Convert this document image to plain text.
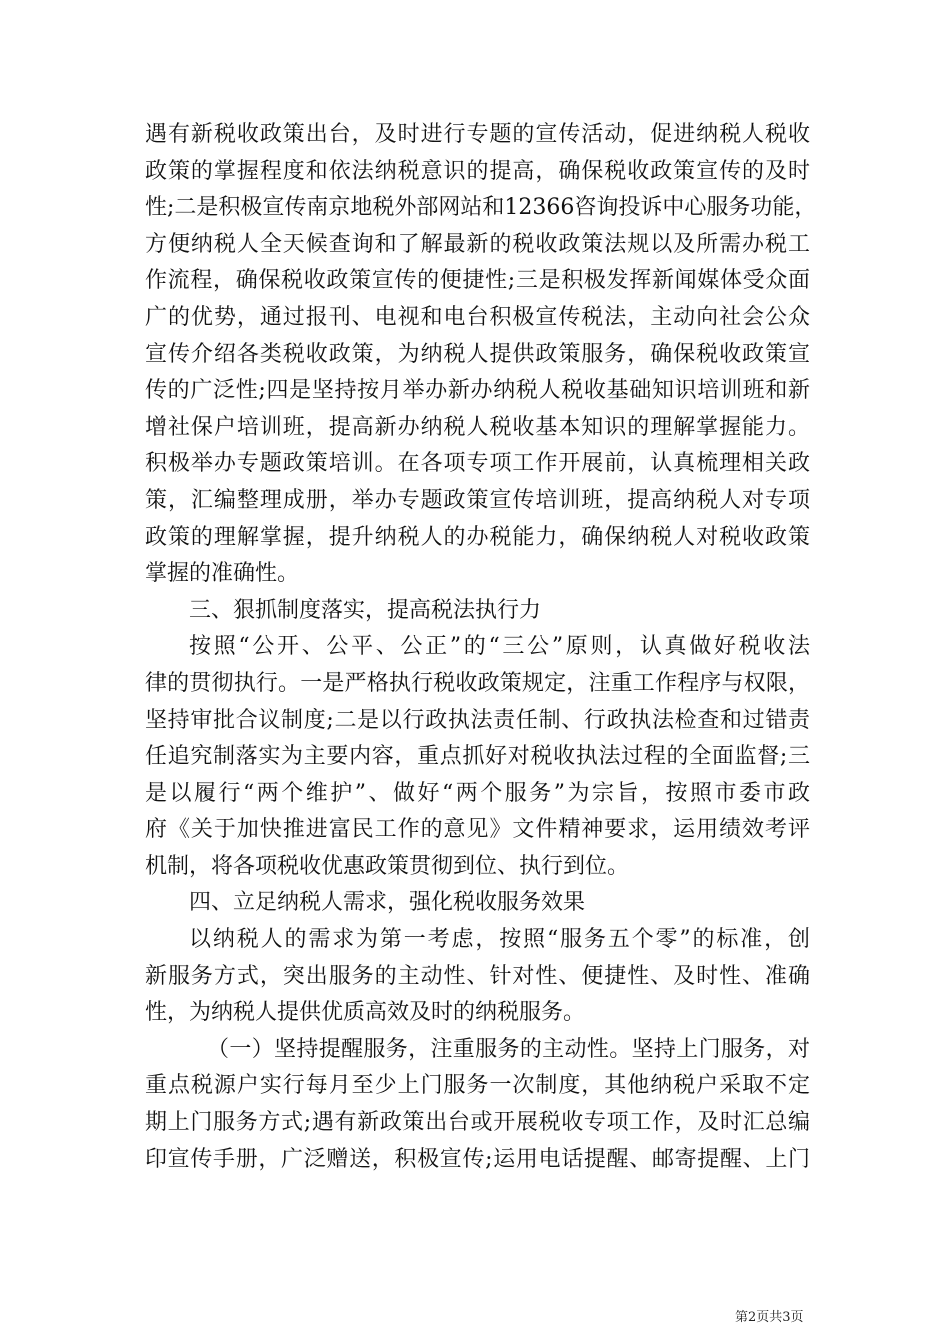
遇有新税收政策出台，及时进行专题的宣传活动，促进纳税人税收
政策的掌握程度和依法纳税意识的提高，确保税收政策宣传的及时
性;二是积极宣传南京地税外部网站和12366咨询投诉中心服务功能，
方便纳税人全天候查询和了解最新的税收政策法规以及所需办税工
作流程，确保税收政策宣传的便捷性;三是积极发挥新闻媒体受众面
广的优势，通过报刊、电视和电台积极宣传税法，主动向社会公众
宣传介绍各类税收政策，为纳税人提供政策服务，确保税收政策宣
传的广泛性;四是坚持按月举办新办纳税人税收基础知识培训班和新
增社保户培训班，提高新办纳税人税收基本知识的理解掌握能力。
积极举办专题政策培训。在各项专项工作开展前，认真梳理相关政
策，汇编整理成册，举办专题政策宣传培训班，提高纳税人对专项
政策的理解掌握，提升纳税人的办税能力，确保纳税人对税收政策
掌握的准确性。

三、狠抓制度落实，提高税法执行力

按照“公开、公平、公正”的“三公”原则，认真做好税收法
律的贯彻执行。一是严格执行税收政策规定，注重工作程序与权限，
坚持审批合议制度;二是以行政执法责任制、行政执法检查和过错责
任追究制落实为主要内容，重点抓好对税收执法过程的全面监督;三
是以履行“两个维护”、做好“两个服务”为宗旨，按照市委市政
府《关于加快推进富民工作的意见》文件精神要求，运用绩效考评
机制，将各项税收优惠政策贯彻到位、执行到位。

四、立足纳税人需求，强化税收服务效果

以纳税人的需求为第一考虑，按照“服务五个零”的标准，创
新服务方式，突出服务的主动性、针对性、便捷性、及时性、准确
性，为纳税人提供优质高效及时的纳税服务。

（一）坚持提醒服务，注重服务的主动性。坚持上门服务，对
重点税源户实行每月至少上门服务一次制度，其他纳税户采取不定
期上门服务方式;遇有新政策出台或开展税收专项工作，及时汇总编
印宣传手册，广泛赠送，积极宣传;运用电话提醒、邮寄提醒、上门

第2页共3页
